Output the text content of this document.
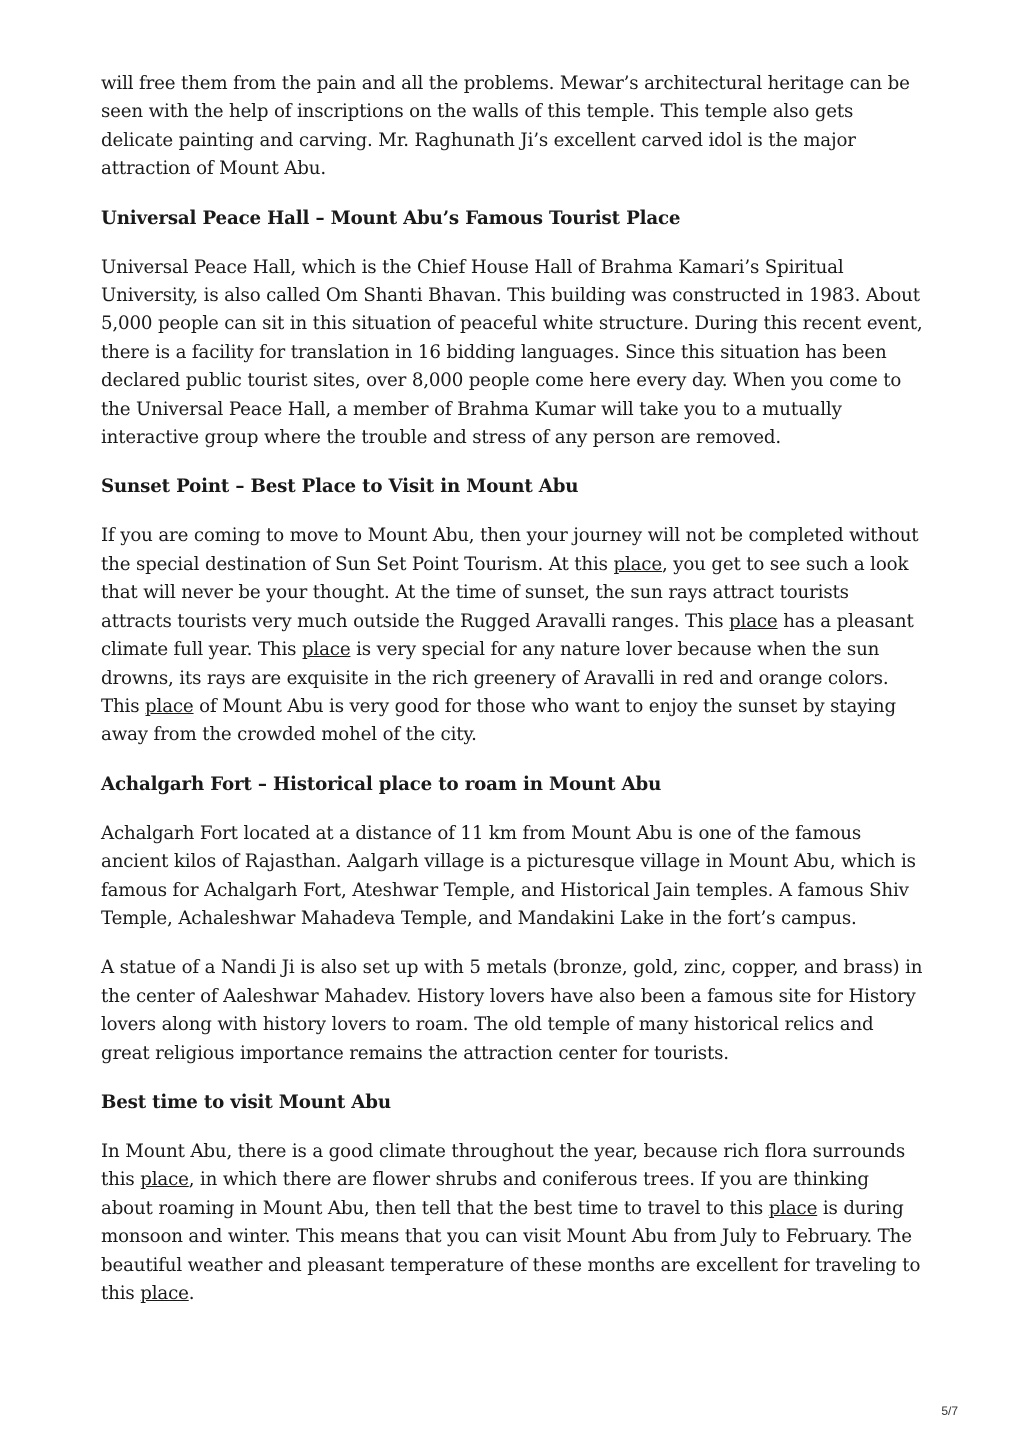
will free them from the pain and all the problems. Mewar’s architectural heritage can be seen with the help of inscriptions on the walls of this temple. This temple also gets delicate painting and carving. Mr. Raghunath Ji’s excellent carved idol is the major attraction of Mount Abu.

Universal Peace Hall – Mount Abu’s Famous Tourist Place

Universal Peace Hall, which is the Chief House Hall of Brahma Kamari’s Spiritual University, is also called Om Shanti Bhavan. This building was constructed in 1983. About 5,000 people can sit in this situation of peaceful white structure. During this recent event, there is a facility for translation in 16 bidding languages. Since this situation has been declared public tourist sites, over 8,000 people come here every day. When you come to the Universal Peace Hall, a member of Brahma Kumar will take you to a mutually interactive group where the trouble and stress of any person are removed.

Sunset Point – Best Place to Visit in Mount Abu

If you are coming to move to Mount Abu, then your journey will not be completed without the special destination of Sun Set Point Tourism. At this place, you get to see such a look that will never be your thought. At the time of sunset, the sun rays attract tourists attracts tourists very much outside the Rugged Aravalli ranges. This place has a pleasant climate full year. This place is very special for any nature lover because when the sun drowns, its rays are exquisite in the rich greenery of Aravalli in red and orange colors. This place of Mount Abu is very good for those who want to enjoy the sunset by staying away from the crowded mohel of the city.

Achalgarh Fort – Historical place to roam in Mount Abu

Achalgarh Fort located at a distance of 11 km from Mount Abu is one of the famous ancient kilos of Rajasthan. Aalgarh village is a picturesque village in Mount Abu, which is famous for Achalgarh Fort, Ateshwar Temple, and Historical Jain temples. A famous Shiv Temple, Achaleshwar Mahadeva Temple, and Mandakini Lake in the fort’s campus.

A statue of a Nandi Ji is also set up with 5 metals (bronze, gold, zinc, copper, and brass) in the center of Aaleshwar Mahadev. History lovers have also been a famous site for History lovers along with history lovers to roam. The old temple of many historical relics and great religious importance remains the attraction center for tourists.

Best time to visit Mount Abu

In Mount Abu, there is a good climate throughout the year, because rich flora surrounds this place, in which there are flower shrubs and coniferous trees. If you are thinking about roaming in Mount Abu, then tell that the best time to travel to this place is during monsoon and winter. This means that you can visit Mount Abu from July to February. The beautiful weather and pleasant temperature of these months are excellent for traveling to this place.

5/7
